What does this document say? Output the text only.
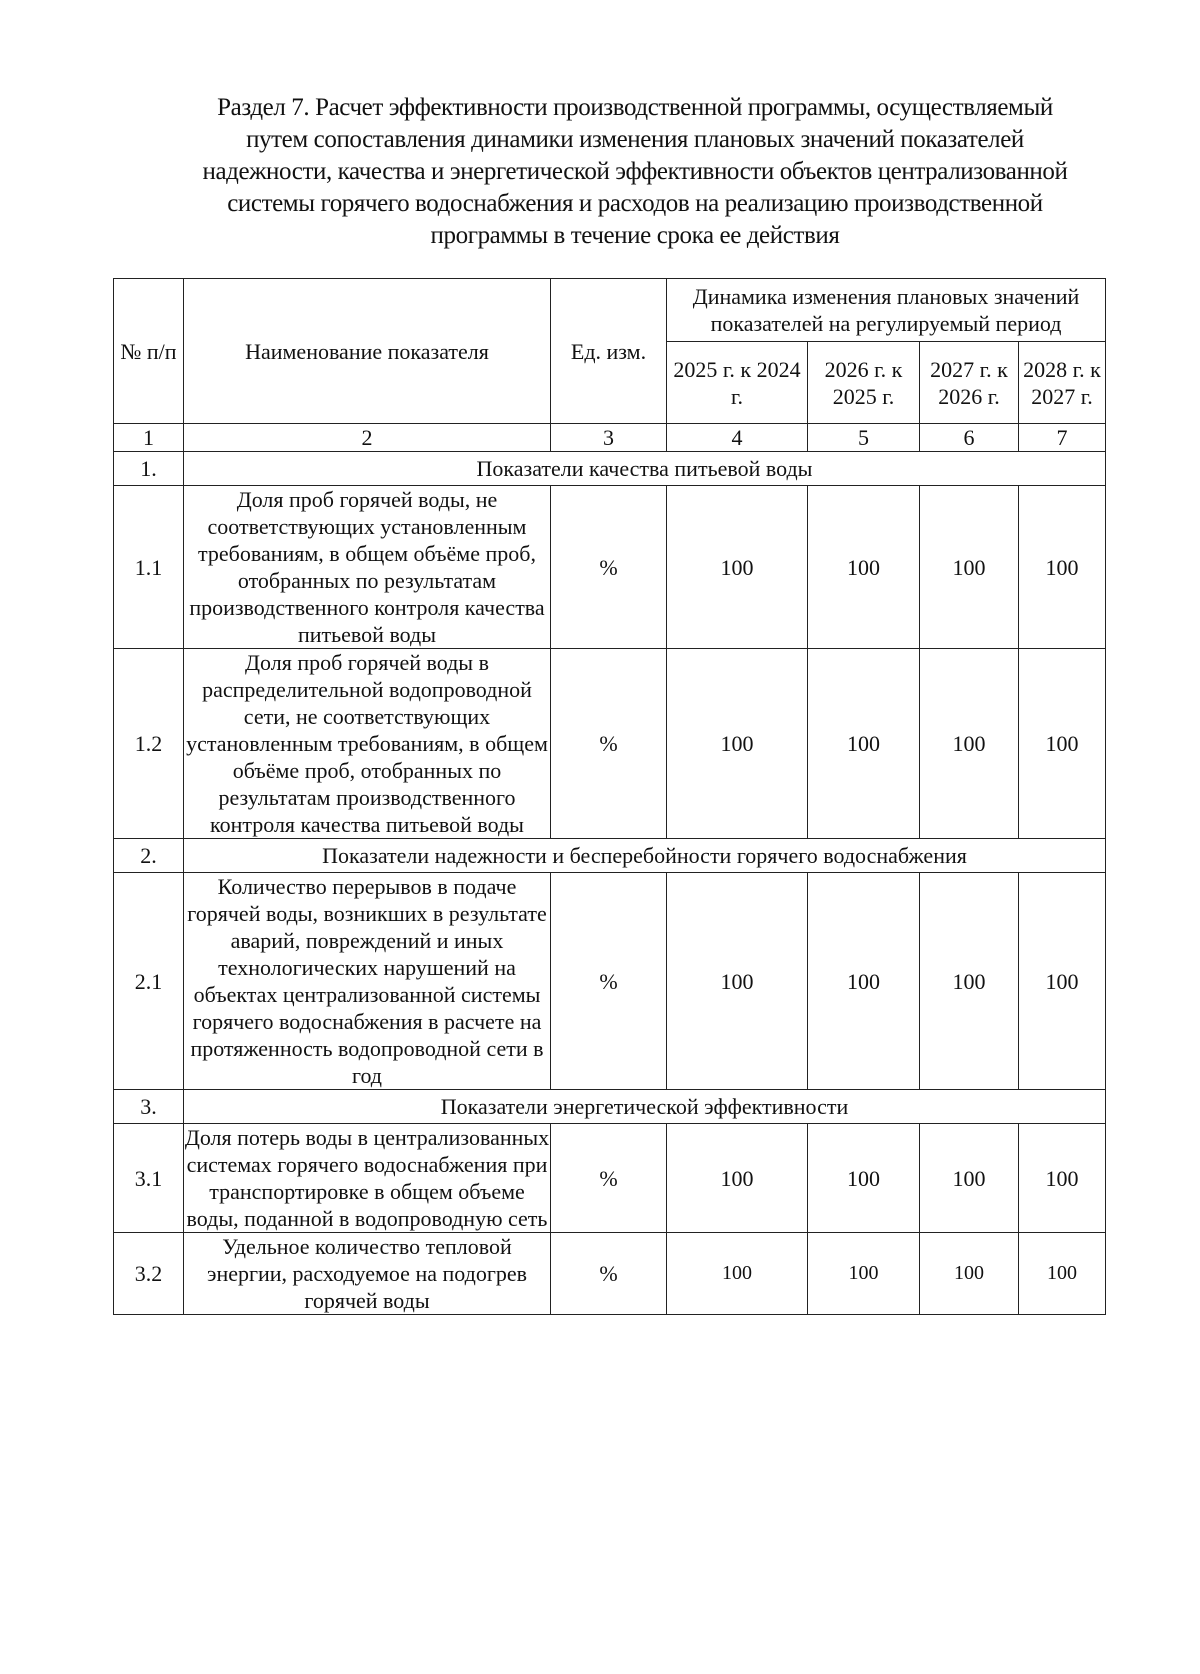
Раздел 7. Расчет эффективности производственной программы, осуществляемый
путем сопоставления динамики изменения плановых значений показателей
надежности, качества и энергетической эффективности объектов централизованной
системы горячего водоснабжения и расходов на реализацию производственной
программы в течение срока ее действия
№ п/п	Наименование показателя	Ед. изм.	Динамика изменения плановых значений показателей на регулируемый период			
			2025 г. к 2024 г.	2026 г. к 2025 г.	2027 г. к 2026 г.	2028 г. к 2027 г.
1	2	3	4	5	6	7
1.	Показатели качества питьевой воды					
1.1	Доля проб горячей воды, не соответствующих установленным требованиям, в общем объёме проб, отобранных по результатам производственного контроля качества питьевой воды	%	100	100	100	100
1.2	Доля проб горячей воды в распределительной водопроводной сети, не соответствующих установленным требованиям, в общем объёме проб, отобранных по результатам производственного контроля качества питьевой воды	%	100	100	100	100
2.	Показатели надежности и бесперебойности горячего водоснабжения					
2.1	Количество перерывов в подаче горячей воды, возникших в результате аварий, повреждений и иных технологических нарушений на объектах централизованной системы горячего водоснабжения в расчете на протяженность водопроводной сети в год	%	100	100	100	100
3.	Показатели энергетической эффективности					
3.1	Доля потерь воды в централизованных системах горячего водоснабжения при транспортировке в общем объеме воды, поданной в водопроводную сеть	%	100	100	100	100
3.2	Удельное количество тепловой энергии, расходуемое на подогрев горячей воды	%	100	100	100	100
